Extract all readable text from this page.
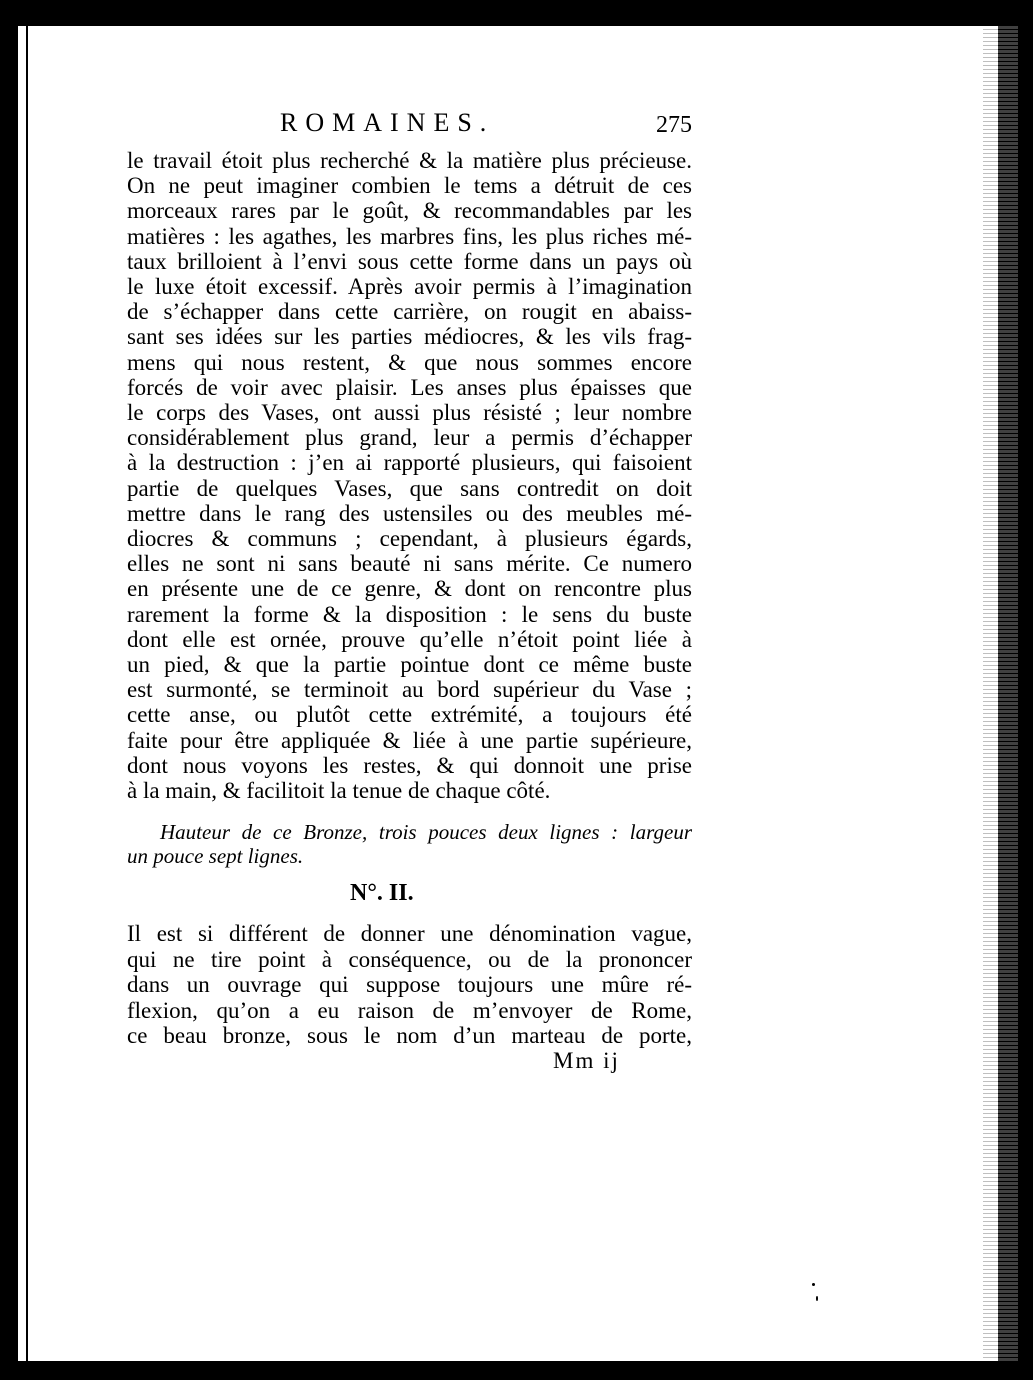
ROMAINES.	275
le travail étoit plus recherché & la matière plus précieuse.
On ne peut imaginer combien le tems a détruit de ces
morceaux rares par le goût, & recommandables par les
matières : les agathes, les marbres fins, les plus riches mé-
taux brilloient à l’envi sous cette forme dans un pays où
le luxe étoit excessif. Après avoir permis à l’imagination
de s’échapper dans cette carrière, on rougit en abaiss-
sant ses idées sur les parties médiocres, & les vils frag-
mens qui nous restent, & que nous sommes encore
forcés de voir avec plaisir. Les anses plus épaisses que
le corps des Vases, ont aussi plus résisté ; leur nombre
considérablement plus grand, leur a permis d’échapper
à la destruction : j’en ai rapporté plusieurs, qui faisoient
partie de quelques Vases, que sans contredit on doit
mettre dans le rang des ustensiles ou des meubles mé-
diocres & communs ; cependant, à plusieurs égards,
elles ne sont ni sans beauté ni sans mérite. Ce numero
en présente une de ce genre, & dont on rencontre plus
rarement la forme & la disposition : le sens du buste
dont elle est ornée, prouve qu’elle n’étoit point liée à
un pied, & que la partie pointue dont ce même buste
est surmonté, se terminoit au bord supérieur du Vase ;
cette anse, ou plutôt cette extrémité, a toujours été
faite pour être appliquée & liée à une partie supérieure,
dont nous voyons les restes, & qui donnoit une prise
à la main, & facilitoit la tenue de chaque côté.
Hauteur de ce Bronze, trois pouces deux lignes : largeur
un pouce sept lignes.
N°. II.
Il est si différent de donner une dénomination vague,
qui ne tire point à conséquence, ou de la prononcer
dans un ouvrage qui suppose toujours une mûre ré-
flexion, qu’on a eu raison de m’envoyer de Rome,
ce beau bronze, sous le nom d’un marteau de porte,
Mm ij
